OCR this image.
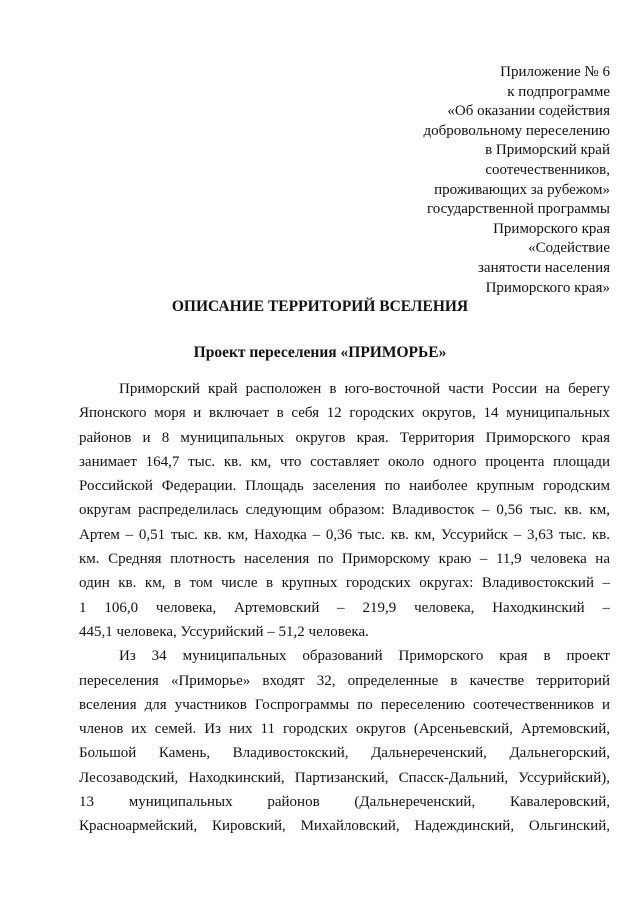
Приложение № 6
к подпрограмме
«Об оказании содействия
добровольному переселению
в Приморский край
соотечественников,
проживающих за рубежом»
государственной программы
Приморского края
«Содействие
занятости населения
Приморского края»
ОПИСАНИЕ ТЕРРИТОРИЙ ВСЕЛЕНИЯ
Проект переселения «ПРИМОРЬЕ»
Приморский край расположен в юго-восточной части России на берегу
Японского моря и включает в себя 12 городских округов, 14 муниципальных
районов и 8 муниципальных округов края. Территория Приморского края
занимает 164,7 тыс. кв. км, что составляет около одного процента площади
Российской Федерации. Площадь заселения по наиболее крупным городским
округам распределилась следующим образом: Владивосток – 0,56 тыс. кв. км,
Артем – 0,51 тыс. кв. км, Находка – 0,36 тыс. кв. км, Уссурийск – 3,63 тыс. кв.
км. Средняя плотность населения по Приморскому краю – 11,9 человека на
один кв. км, в том числе в крупных городских округах: Владивостокский –
1 106,0 человека, Артемовский – 219,9 человека, Находкинский –
445,1 человека, Уссурийский – 51,2 человека.
Из 34 муниципальных образований Приморского края в проект
переселения «Приморье» входят 32, определенные в качестве территорий
вселения для участников Госпрограммы по переселению соотечественников и
членов их семей. Из них 11 городских округов (Арсеньевский, Артемовский,
Большой Камень, Владивостокский, Дальнереченский, Дальнегорский,
Лесозаводский, Находкинский, Партизанский, Спасск-Дальний, Уссурийский),
13 муниципальных районов (Дальнереченский, Кавалеровский,
Красноармейский, Кировский, Михайловский, Надеждинский, Ольгинский,
